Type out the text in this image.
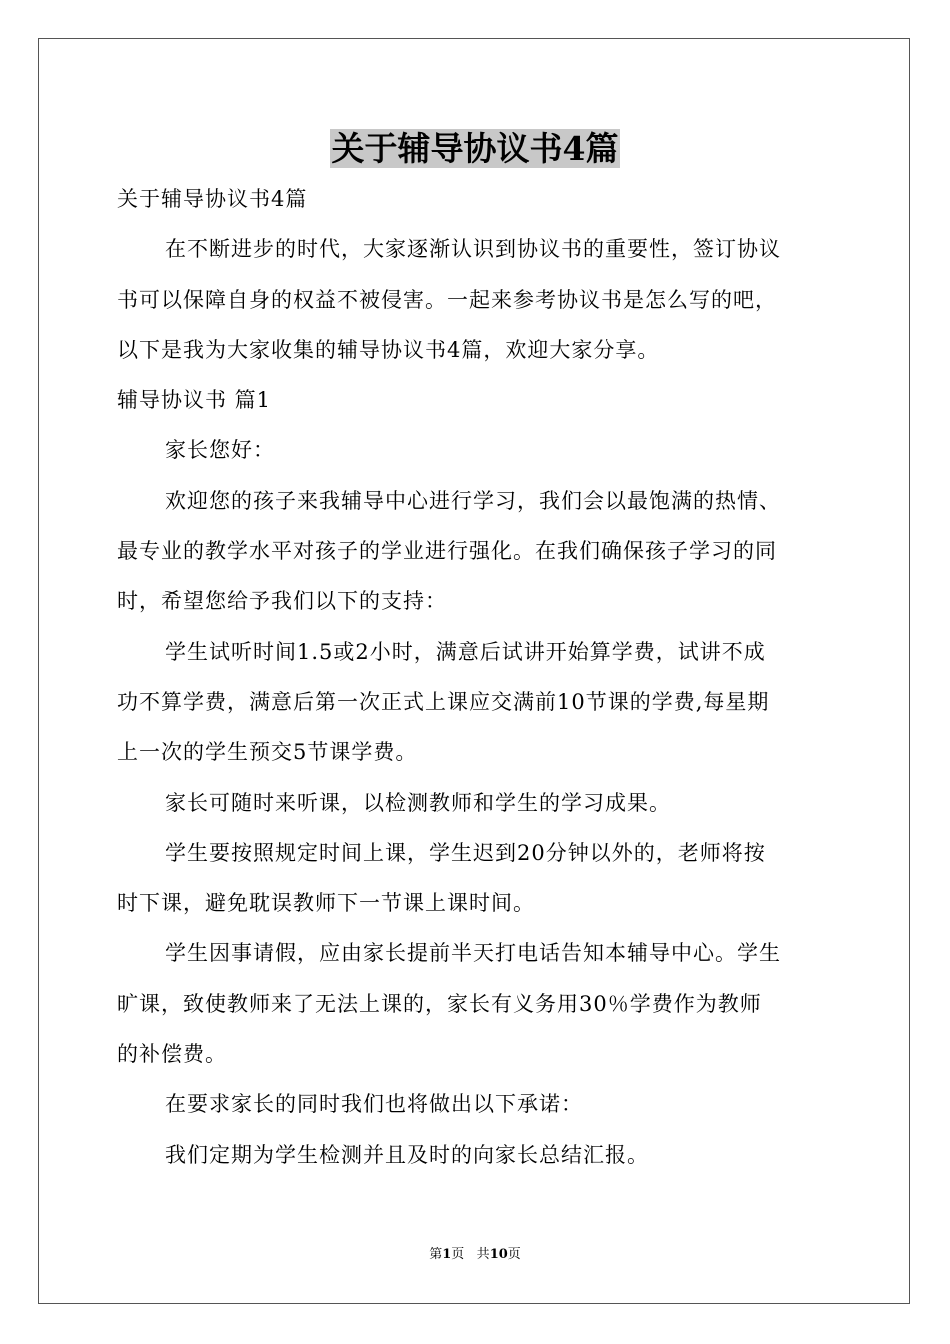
关于辅导协议书4篇
关于辅导协议书4篇
在不断进步的时代，大家逐渐认识到协议书的重要性，签订协议
书可以保障自身的权益不被侵害。一起来参考协议书是怎么写的吧，
以下是我为大家收集的辅导协议书4篇，欢迎大家分享。
辅导协议书 篇1
家长您好：
欢迎您的孩子来我辅导中心进行学习，我们会以最饱满的热情、
最专业的教学水平对孩子的学业进行强化。在我们确保孩子学习的同
时，希望您给予我们以下的支持：
学生试听时间1.5或2小时，满意后试讲开始算学费，试讲不成
功不算学费，满意后第一次正式上课应交满前10节课的学费,每星期
上一次的学生预交5节课学费。
家长可随时来听课，以检测教师和学生的学习成果。
学生要按照规定时间上课，学生迟到20分钟以外的，老师将按
时下课，避免耽误教师下一节课上课时间。
学生因事请假，应由家长提前半天打电话告知本辅导中心。学生
旷课，致使教师来了无法上课的，家长有义务用30％学费作为教师
的补偿费。
在要求家长的同时我们也将做出以下承诺：
我们定期为学生检测并且及时的向家长总结汇报。
第1页 共10页
